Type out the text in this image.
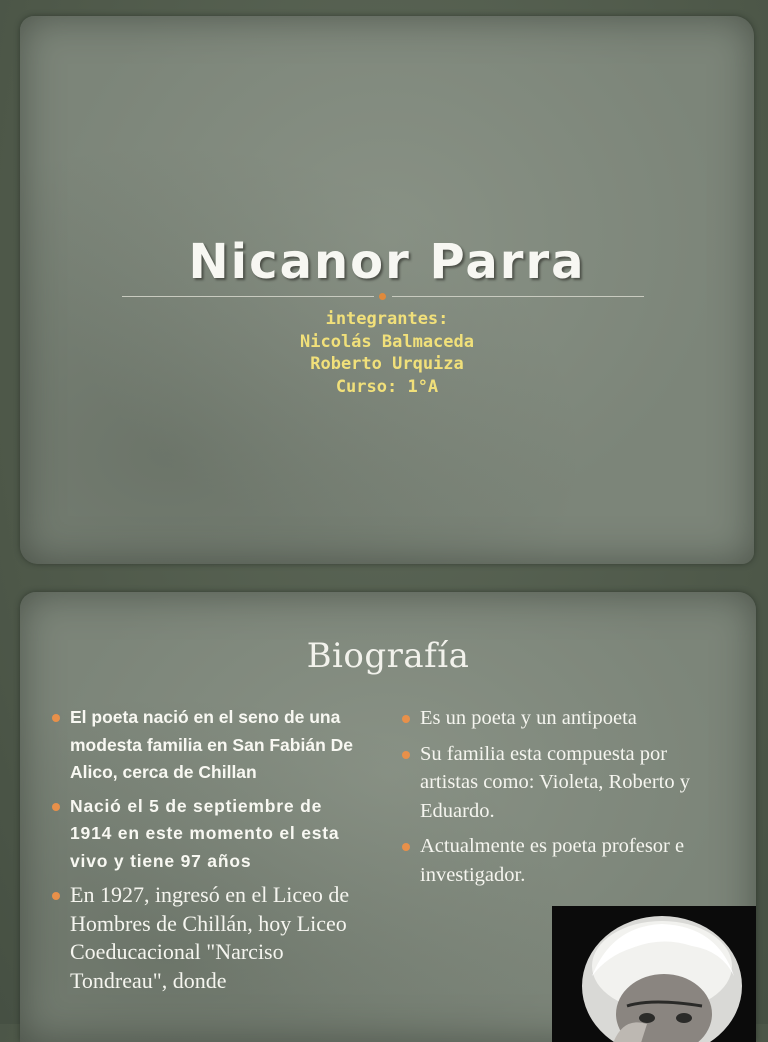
Nicanor Parra
integrantes:
Nicolás Balmaceda
Roberto Urquiza
Curso: 1°A
Biografía
El poeta nació en el seno de una modesta familia en San Fabián De Alico, cerca de Chillan
Nació el 5 de septiembre de 1914 en este momento el esta vivo y tiene 97 años
En 1927, ingresó en el Liceo de Hombres de Chillán, hoy Liceo Coeducacional "Narciso Tondreau", donde
Es un poeta y un antipoeta
Su familia esta compuesta por artistas como: Violeta, Roberto y Eduardo.
Actualmente es poeta profesor e investigador.
